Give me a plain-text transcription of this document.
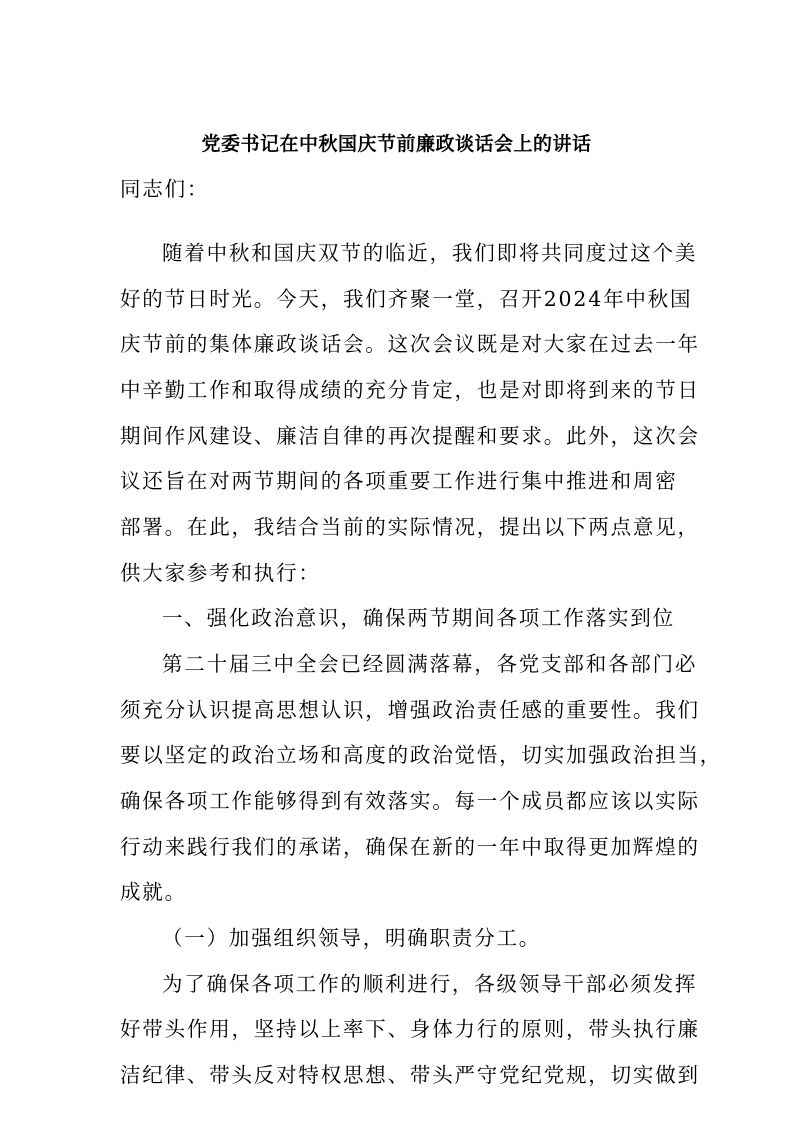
党委书记在中秋国庆节前廉政谈话会上的讲话

同志们：

随着中秋和国庆双节的临近，我们即将共同度过这个美

好的节日时光。今天，我们齐聚一堂，召开2024年中秋国

庆节前的集体廉政谈话会。这次会议既是对大家在过去一年

中辛勤工作和取得成绩的充分肯定，也是对即将到来的节日

期间作风建设、廉洁自律的再次提醒和要求。此外，这次会

议还旨在对两节期间的各项重要工作进行集中推进和周密

部署。在此，我结合当前的实际情况，提出以下两点意见，

供大家参考和执行：

一、强化政治意识，确保两节期间各项工作落实到位

第二十届三中全会已经圆满落幕，各党支部和各部门必

须充分认识提高思想认识，增强政治责任感的重要性。我们

要以坚定的政治立场和高度的政治觉悟，切实加强政治担当，

确保各项工作能够得到有效落实。每一个成员都应该以实际

行动来践行我们的承诺，确保在新的一年中取得更加辉煌的

成就。

（一）加强组织领导，明确职责分工。

为了确保各项工作的顺利进行，各级领导干部必须发挥

好带头作用，坚持以上率下、身体力行的原则，带头执行廉

洁纪律、带头反对特权思想、带头严守党纪党规，切实做到
